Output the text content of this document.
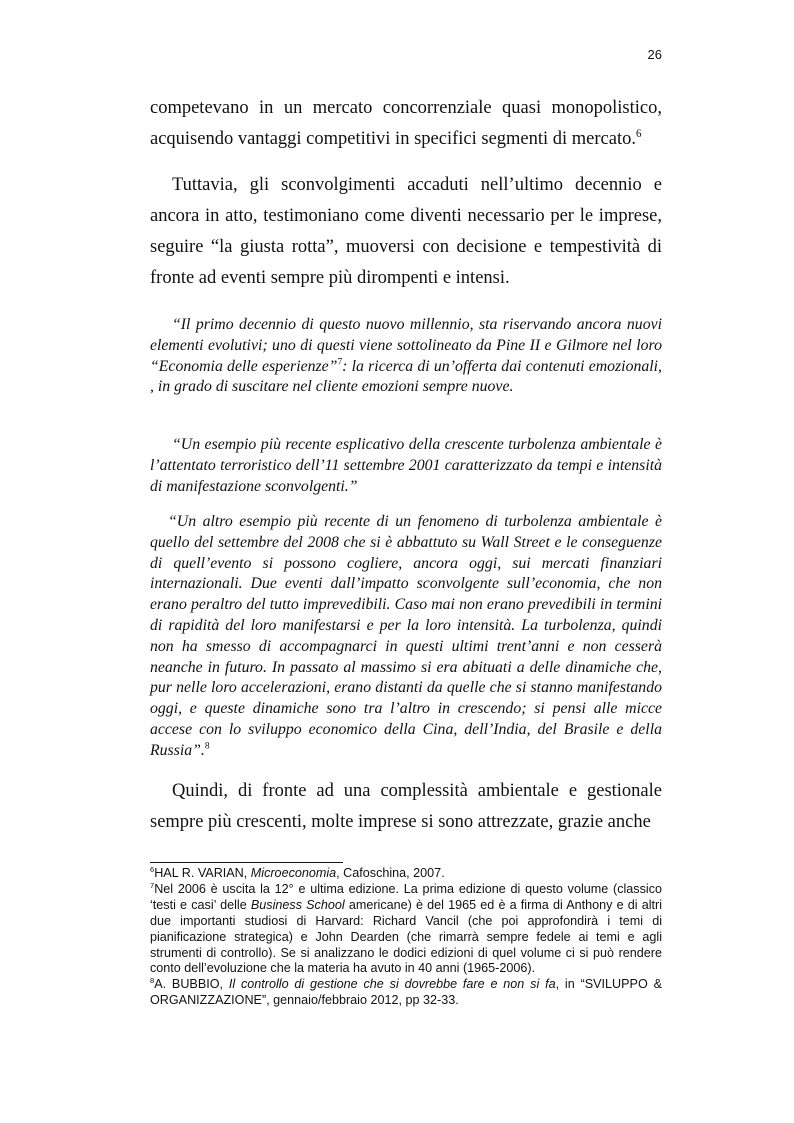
26

competevano in un mercato concorrenziale quasi monopolistico, acquisendo vantaggi competitivi in specifici segmenti di mercato.$^6$

Tuttavia, gli sconvolgimenti accaduti nell’ultimo decennio e ancora in atto, testimoniano come diventi necessario per le imprese, seguire “la giusta rotta”, muoversi con decisione e tempestività di fronte ad eventi sempre più dirompenti e intensi.

“Il primo decennio di questo nuovo millennio, sta riservando ancora nuovi elementi evolutivi; uno di questi viene sottolineato da Pine II e Gilmore nel loro “Economia delle esperienze”$^7$: la ricerca di un’offerta dai contenuti emozionali, , in grado di suscitare nel cliente emozioni sempre nuove.

“Un esempio più recente esplicativo della crescente turbolenza ambientale è l’attentato terroristico dell’11 settembre 2001 caratterizzato da tempi e intensità di manifestazione sconvolgenti.”

“Un altro esempio più recente di un fenomeno di turbolenza ambientale è quello del settembre del 2008 che si è abbattuto su Wall Street e le conseguenze di quell’evento si possono cogliere, ancora oggi, sui mercati finanziari internazionali. Due eventi dall’impatto sconvolgente sull’economia, che non erano peraltro del tutto imprevedibili. Caso mai non erano prevedibili in termini di rapidità del loro manifestarsi e per la loro intensità. La turbolenza, quindi non ha smesso di accompagnarci in questi ultimi trent’anni e non cesserà neanche in futuro. In passato al massimo si era abituati a delle dinamiche che, pur nelle loro accelerazioni, erano distanti da quelle che si stanno manifestando oggi, e queste dinamiche sono tra l’altro in crescendo; si pensi alle micce accese con lo sviluppo economico della Cina, dell’India, del Brasile e della Russia”.$^8$

Quindi, di fronte ad una complessità ambientale e gestionale sempre più crescenti, molte imprese si sono attrezzate, grazie anche

$^6$HAL R. VARIAN, Microeconomia, Cafoschina, 2007.

$^7$Nel 2006 è uscita la 12° e ultima edizione. La prima edizione di questo volume (classico ‘testi e casi’ delle Business School americane) è del 1965 ed è a firma di Anthony e di altri due importanti studiosi di Harvard: Richard Vancil (che poi approfondirà i temi di pianificazione strategica) e John Dearden (che rimarrà sempre fedele ai temi e agli strumenti di controllo). Se si analizzano le dodici edizioni di quel volume ci si può rendere conto dell’evoluzione che la materia ha avuto in 40 anni (1965-2006).

$^8$A. BUBBIO, Il controllo di gestione che si dovrebbe fare e non si fa, in “SVILUPPO & ORGANIZZAZIONE”, gennaio/febbraio 2012, pp 32-33.
